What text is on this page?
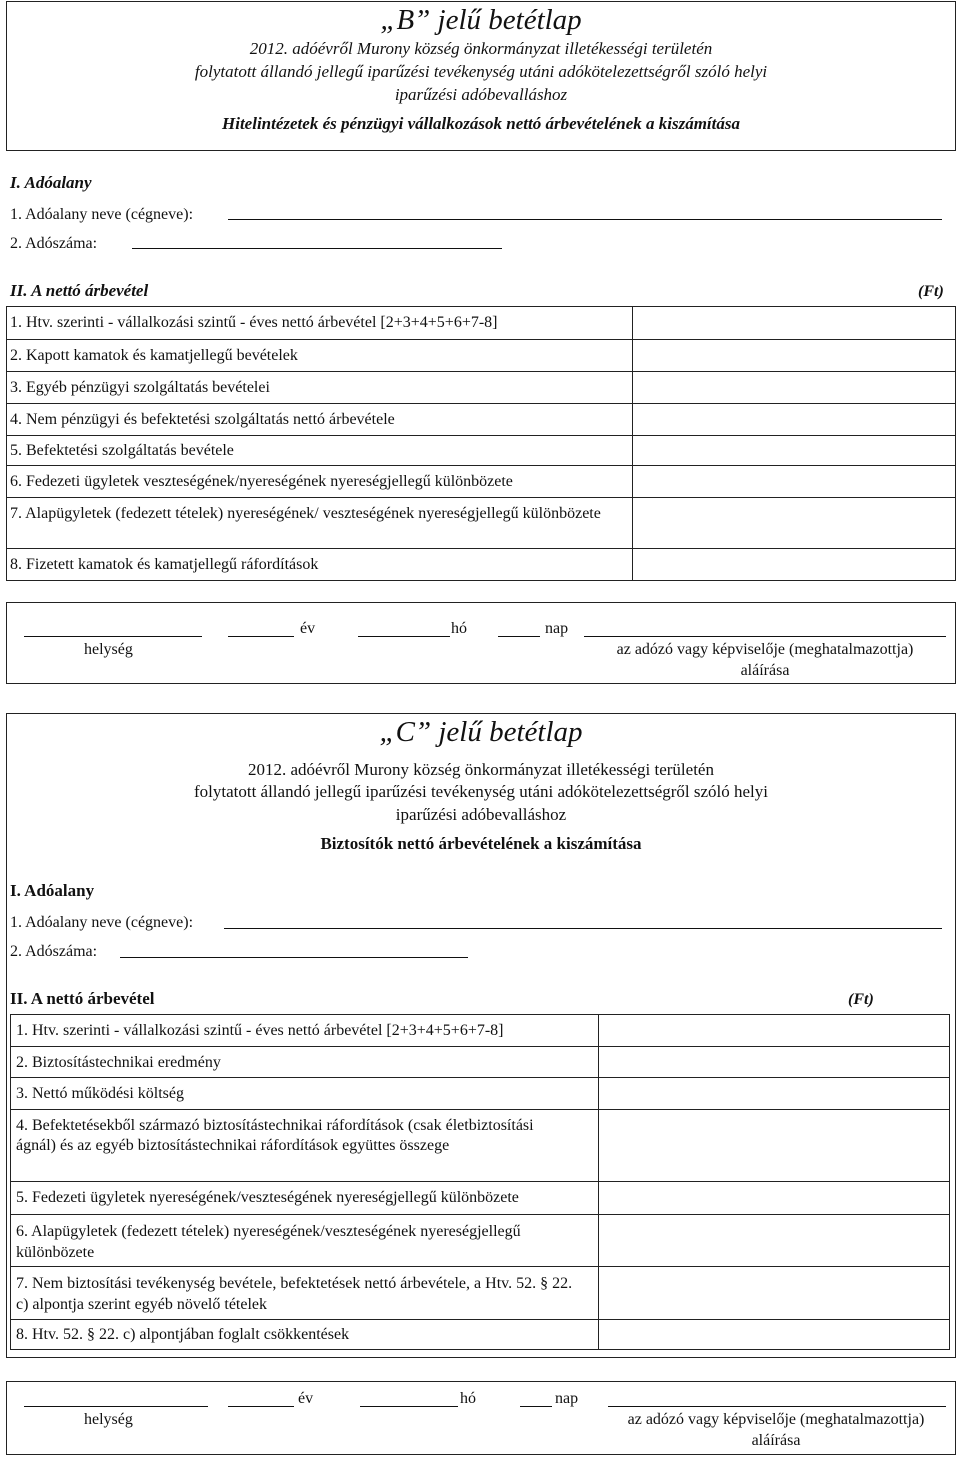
„B” jelű betétlap
2012. adóévről Murony község önkormányzat illetékességi területén
folytatott állandó jellegű iparűzési tevékenység utáni adókötelezettségről szóló helyi
iparűzési adóbevalláshoz
Hitelintézetek és pénzügyi vállalkozások nettó árbevételének a kiszámítása
I. Adóalany
1. Adóalany neve (cégneve):
2. Adószáma:
II. A nettó árbevétel	(Ft)
1. Htv. szerinti - vállalkozási szintű - éves nettó árbevétel [2+3+4+5+6+7-8]
2. Kapott kamatok és kamatjellegű bevételek
3. Egyéb pénzügyi szolgáltatás bevételei
4. Nem pénzügyi és befektetési szolgáltatás nettó árbevétele
5. Befektetési szolgáltatás bevétele
6. Fedezeti ügyletek veszteségének/nyereségének nyereségjellegű különbözete
7. Alapügyletek (fedezett tételek) nyereségének/ veszteségének nyereségjellegű különbözete
8. Fizetett kamatok és kamatjellegű ráfordítások
év	hó	nap
helység	az adózó vagy képviselője (meghatalmazottja)
aláírása
„C” jelű betétlap
2012. adóévről Murony község önkormányzat illetékességi területén
folytatott állandó jellegű iparűzési tevékenység utáni adókötelezettségről szóló helyi
iparűzési adóbevalláshoz
Biztosítók nettó árbevételének a kiszámítása
I. Adóalany
1. Adóalany neve (cégneve):
2. Adószáma:
II. A nettó árbevétel	(Ft)
1. Htv. szerinti - vállalkozási szintű - éves nettó árbevétel [2+3+4+5+6+7-8]
2. Biztosítástechnikai eredmény
3. Nettó működési költség
4. Befektetésekből származó biztosítástechnikai ráfordítások (csak életbiztosítási ágnál) és az egyéb biztosítástechnikai ráfordítások együttes összege
5. Fedezeti ügyletek nyereségének/veszteségének nyereségjellegű különbözete
6. Alapügyletek (fedezett tételek) nyereségének/veszteségének nyereségjellegű különbözete
7. Nem biztosítási tevékenység bevétele, befektetések nettó árbevétele, a Htv. 52. § 22. c) alpontja szerint egyéb növelő tételek
8. Htv. 52. § 22. c) alpontjában foglalt csökkentések
év	hó	nap
helység	az adózó vagy képviselője (meghatalmazottja)
aláírása
